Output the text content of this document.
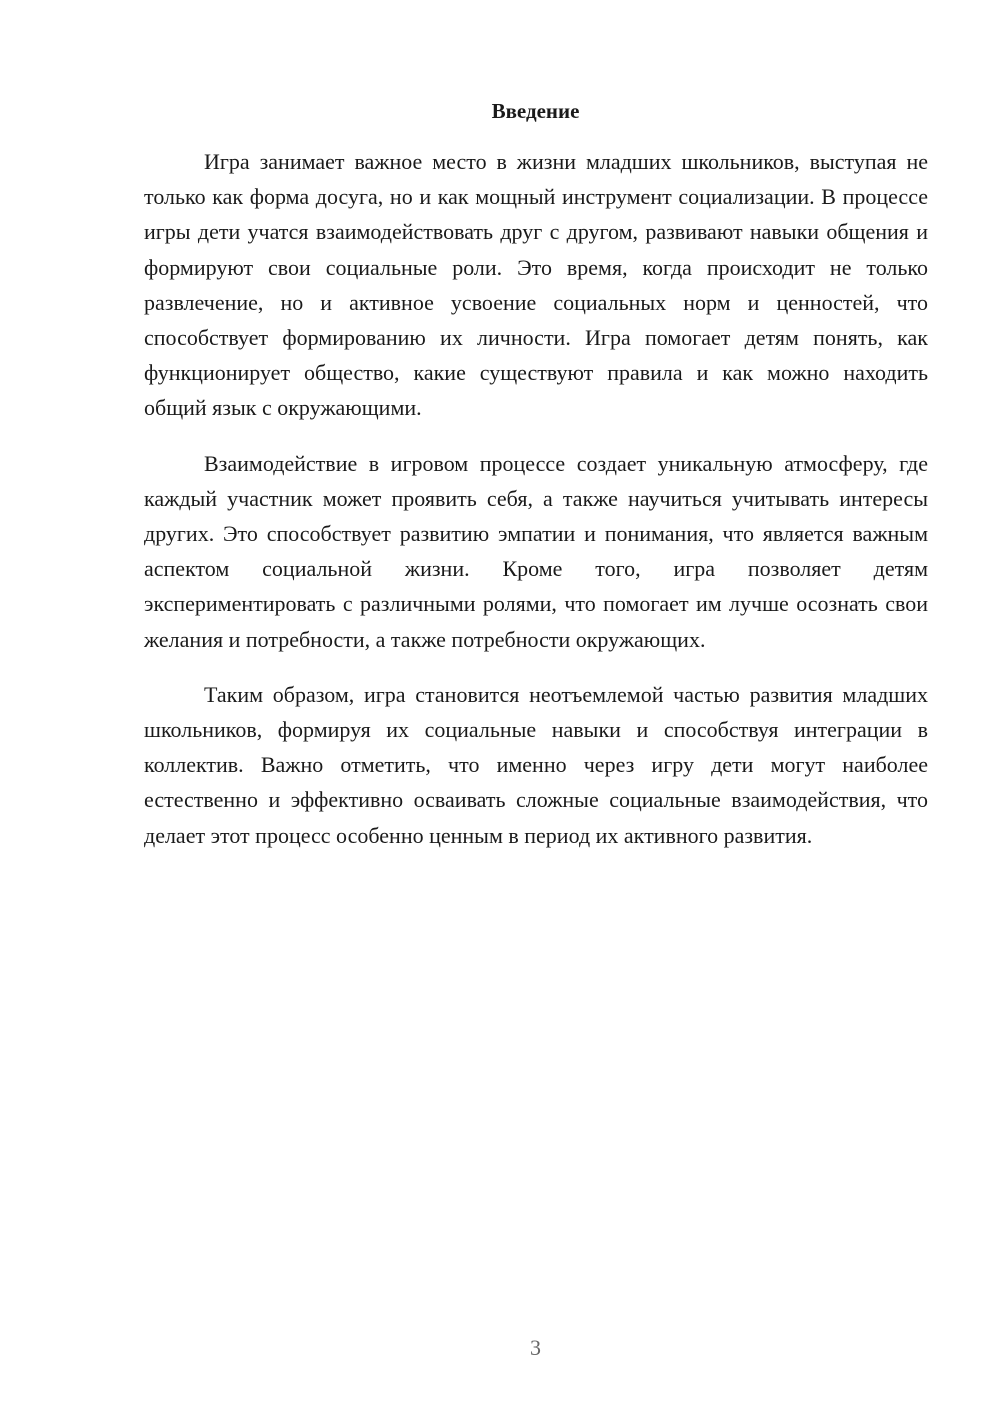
Введение

Игра занимает важное место в жизни младших школьников, выступая не только как форма досуга, но и как мощный инструмент социализации. В процессе игры дети учатся взаимодействовать друг с другом, развивают навыки общения и формируют свои социальные роли. Это время, когда происходит не только развлечение, но и активное усвоение социальных норм и ценностей, что способствует формированию их личности. Игра помогает детям понять, как функционирует общество, какие существуют правила и как можно находить общий язык с окружающими.

Взаимодействие в игровом процессе создает уникальную атмосферу, где каждый участник может проявить себя, а также научиться учитывать интересы других. Это способствует развитию эмпатии и понимания, что является важным аспектом социальной жизни. Кроме того, игра позволяет детям экспериментировать с различными ролями, что помогает им лучше осознать свои желания и потребности, а также потребности окружающих.

Таким образом, игра становится неотъемлемой частью развития младших школьников, формируя их социальные навыки и способствуя интеграции в коллектив. Важно отметить, что именно через игру дети могут наиболее естественно и эффективно осваивать сложные социальные взаимодействия, что делает этот процесс особенно ценным в период их активного развития.

3
